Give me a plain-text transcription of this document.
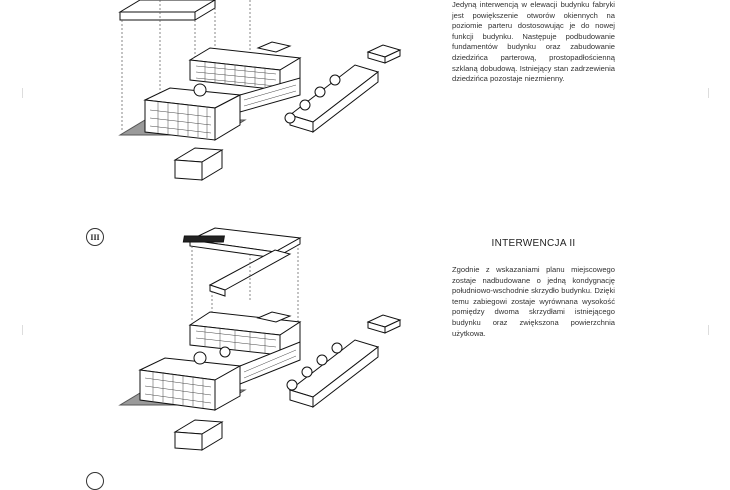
III

Jedyną interwencją w elewacji budynku fabryki jest powiększenie otworów okiennych na poziomie parteru dostosowując je do nowej funkcji budynku. Następuje podbudowanie fundamentów budynku oraz zabudowanie dziedzińca parterową, prostopadłościenną szklaną dobudową. Istniejący stan zadrzewienia dziedzińca pozostaje niezmienny.

INTERWENCJA II

Zgodnie z wskazaniami planu miejscowego zostaje nadbudowane o jedną kondygnację południowo-wschodnie skrzydło budynku. Dzięki temu zabiegowi zostaje wyrównana wysokość pomiędzy dwoma skrzydłami istniejącego budynku oraz zwiększona powierzchnia użytkowa.
